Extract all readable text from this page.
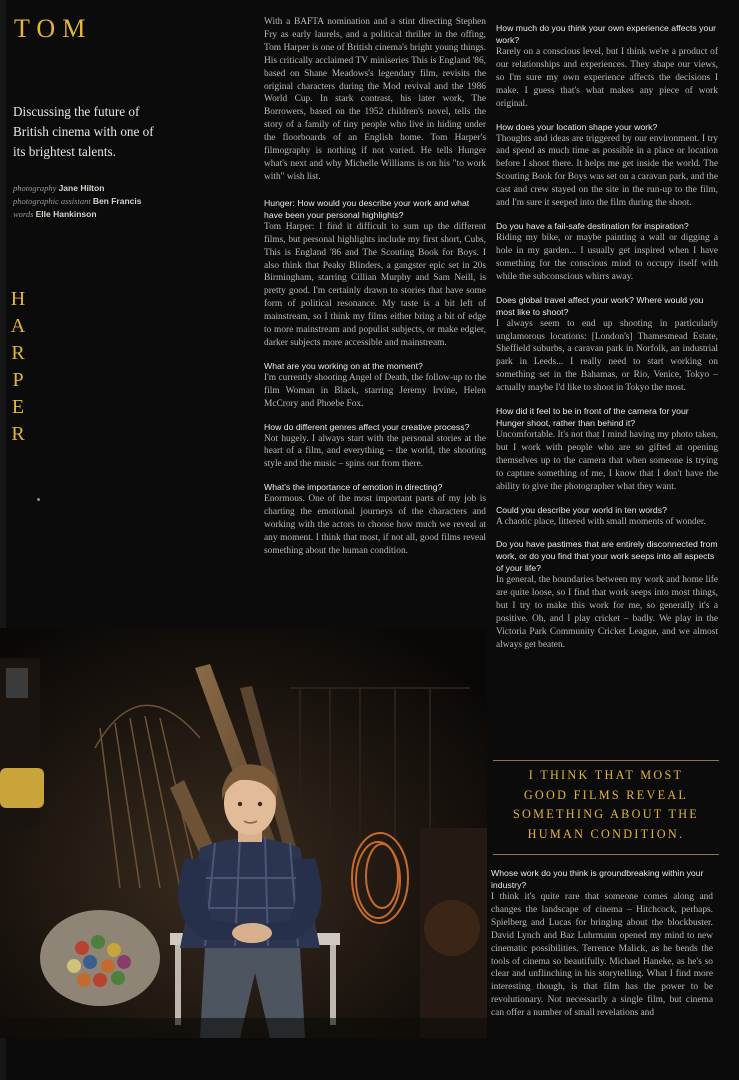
TOM
Discussing the future of British cinema with one of its brightest talents.
photography Jane Hilton
photographic assistant Ben Francis
words Elle Hankinson
H
A
R
P
E
R

With a BAFTA nomination and a stint directing Stephen Fry as early laurels, and a political thriller in the offing, Tom Harper is one of British cinema's bright young things. His critically acclaimed TV miniseries This is England '86, based on Shane Meadows's legendary film, revisits the original characters during the Mod revival and the 1986 World Cup. In stark contrast, his later work, The Borrowers, based on the 1952 children's novel, tells the story of a family of tiny people who live in hiding under the floorboards of an English home. Tom Harper's filmography is nothing if not varied. He tells Hunger what's next and why Michelle Williams is on his "to work with" wish list.

Hunger: How would you describe your work and what have been your personal highlights?

Tom Harper: I find it difficult to sum up the different films, but personal highlights include my first short, Cubs, This is England '86 and The Scouting Book for Boys. I also think that Peaky Blinders, a gangster epic set in 20s Birmingham, starring Cillian Murphy and Sam Neill, is pretty good. I'm certainly drawn to stories that have some form of political resonance. My taste is a bit left of mainstream, so I think my films either bring a bit of edge to more mainstream and populist subjects, or make edgier, darker subjects more accessible and mainstream.

What are you working on at the moment?

I'm currently shooting Angel of Death, the follow-up to the film Woman in Black, starring Jeremy Irvine, Helen McCrory and Phoebe Fox.

How do different genres affect your creative process?

Not hugely. I always start with the personal stories at the heart of a film, and everything – the world, the shooting style and the music – spins out from there.

What's the importance of emotion in directing?

Enormous. One of the most important parts of my job is charting the emotional journeys of the characters and working with the actors to choose how much we reveal at any moment. I think that most, if not all, good films reveal something about the human condition.

How much do you think your own experience affects your work?

Rarely on a conscious level, but I think we're a product of our relationships and experiences. They shape our views, so I'm sure my own experience affects the decisions I make. I guess that's what makes any piece of work original.

How does your location shape your work?

Thoughts and ideas are triggered by our environment. I try and spend as much time as possible in a place or location before I shoot there. It helps me get inside the world. The Scouting Book for Boys was set on a caravan park, and the cast and crew stayed on the site in the run-up to the film, and I'm sure it seeped into the film during the shoot.

Do you have a fail-safe destination for inspiration?

Riding my bike, or maybe painting a wall or digging a hole in my garden... I usually get inspired when I have something for the conscious mind to occupy itself with while the subconscious whirrs away.

Does global travel affect your work? Where would you most like to shoot?

I always seem to end up shooting in particularly unglamorous locations: [London's] Thamesmead Estate, Sheffield suburbs, a caravan park in Norfolk, an industrial park in Leeds... I really need to start working on something set in the Bahamas, or Rio, Venice, Tokyo – actually maybe I'd like to shoot in Tokyo the most.

How did it feel to be in front of the camera for your Hunger shoot, rather than behind it?

Uncomfortable. It's not that I mind having my photo taken, but I work with people who are so gifted at opening themselves up to the camera that when someone is trying to capture something of me, I know that I don't have the ability to give the photographer what they want.

Could you describe your world in ten words?

A chaotic place, littered with small moments of wonder.

Do you have pastimes that are entirely disconnected from work, or do you find that your work seeps into all aspects of your life?

In general, the boundaries between my work and home life are quite loose, so I find that work seeps into most things, but I try to make this work for me, so generally it's a positive. Oh, and I play cricket – badly. We play in the Victoria Park Community Cricket League, and we almost always get beaten.

I THINK THAT MOST
GOOD FILMS REVEAL
SOMETHING ABOUT THE
HUMAN CONDITION.

Whose work do you think is groundbreaking within your industry?

I think it's quite rare that someone comes along and changes the landscape of cinema – Hitchcock, perhaps. Spielberg and Lucas for bringing about the blockbuster. David Lynch and Baz Luhrmann opened my mind to new cinematic possibilities. Terrence Malick, as he bends the tools of cinema so beautifully. Michael Haneke, as he's so clear and unflinching in his storytelling. What I find more interesting though, is that film has the power to be revolutionary. Not necessarily a single film, but cinema can offer a number of small revelations and
